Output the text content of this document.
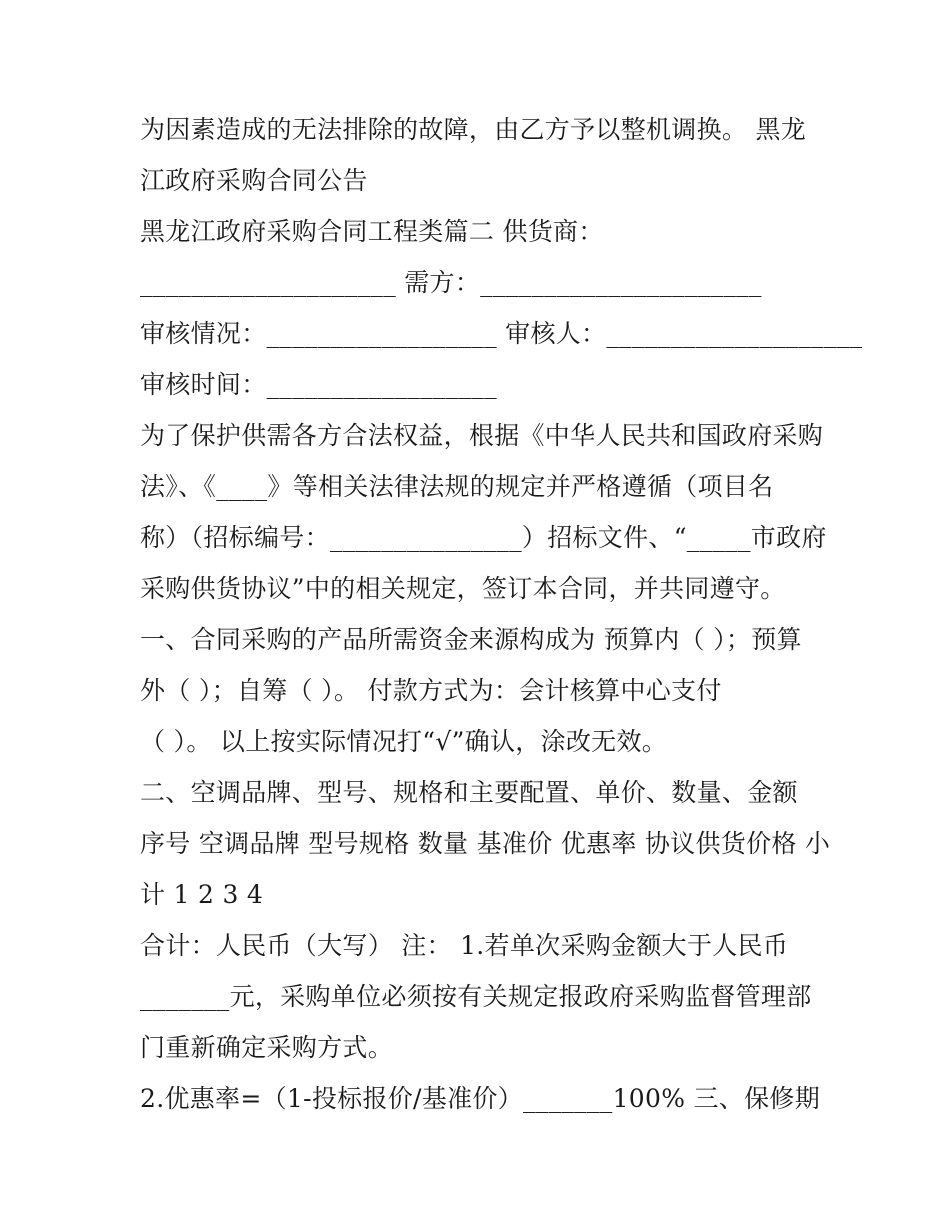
为因素造成的无法排除的故障，由乙方予以整机调换。 黑龙
江政府采购合同公告
黑龙江政府采购合同工程类篇二 供货商：
____________________ 需方：______________________
审核情况：__________________ 审核人：____________________
审核时间：__________________
为了保护供需各方合法权益，根据《中华人民共和国政府采购
法》、《____》等相关法律法规的规定并严格遵循（项目名
称）（招标编号：_______________）招标文件、“_____市政府
采购供货协议”中的相关规定，签订本合同，并共同遵守。
一、合同采购的产品所需资金来源构成为 预算内（ ）；预算
外（ ）；自筹（ ）。 付款方式为：会计核算中心支付
（ ）。 以上按实际情况打“√”确认，涂改无效。
二、空调品牌、型号、规格和主要配置、单价、数量、金额
序号 空调品牌 型号规格 数量 基准价 优惠率 协议供货价格 小
计 1 2 3 4
合计：人民币（大写） 注： 1.若单次采购金额大于人民币
_______元，采购单位必须按有关规定报政府采购监督管理部
门重新确定采购方式。
2.优惠率=（1-投标报价/基准价）_______100% 三、保修期
